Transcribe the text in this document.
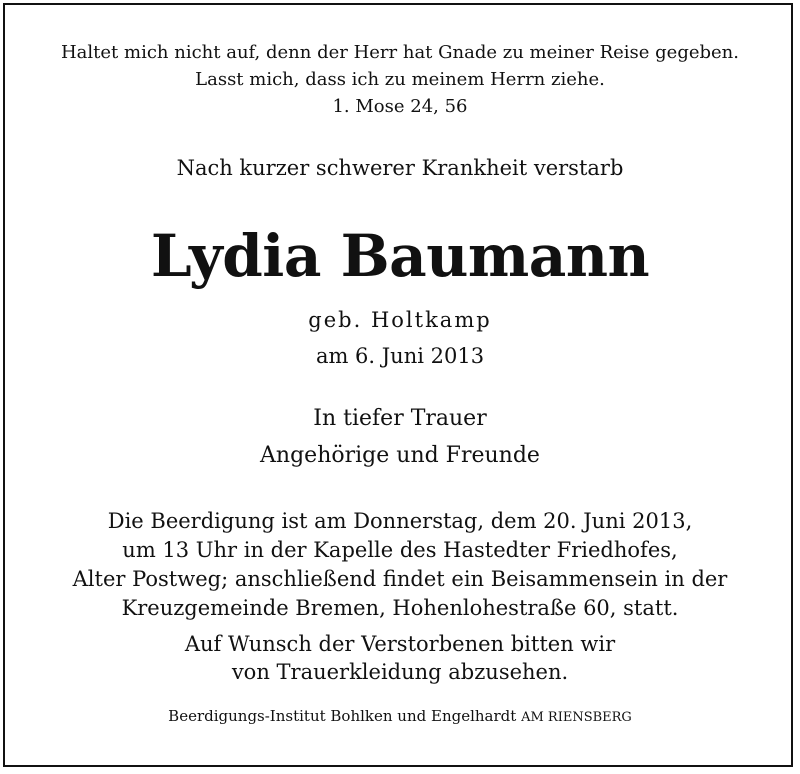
Haltet mich nicht auf, denn der Herr hat Gnade zu meiner Reise gegeben.
Lasst mich, dass ich zu meinem Herrn ziehe.
1. Mose 24, 56
Nach kurzer schwerer Krankheit verstarb
Lydia Baumann
geb. Holtkamp
am 6. Juni 2013
In tiefer Trauer
Angehörige und Freunde
Die Beerdigung ist am Donnerstag, dem 20. Juni 2013,
um 13 Uhr in der Kapelle des Hastedter Friedhofes,
Alter Postweg; anschließend findet ein Beisammensein in der
Kreuzgemeinde Bremen, Hohenlohestraße 60, statt.
Auf Wunsch der Verstorbenen bitten wir
von Trauerkleidung abzusehen.
Beerdigungs-Institut Bohlken und Engelhardt AM RIENSBERG
